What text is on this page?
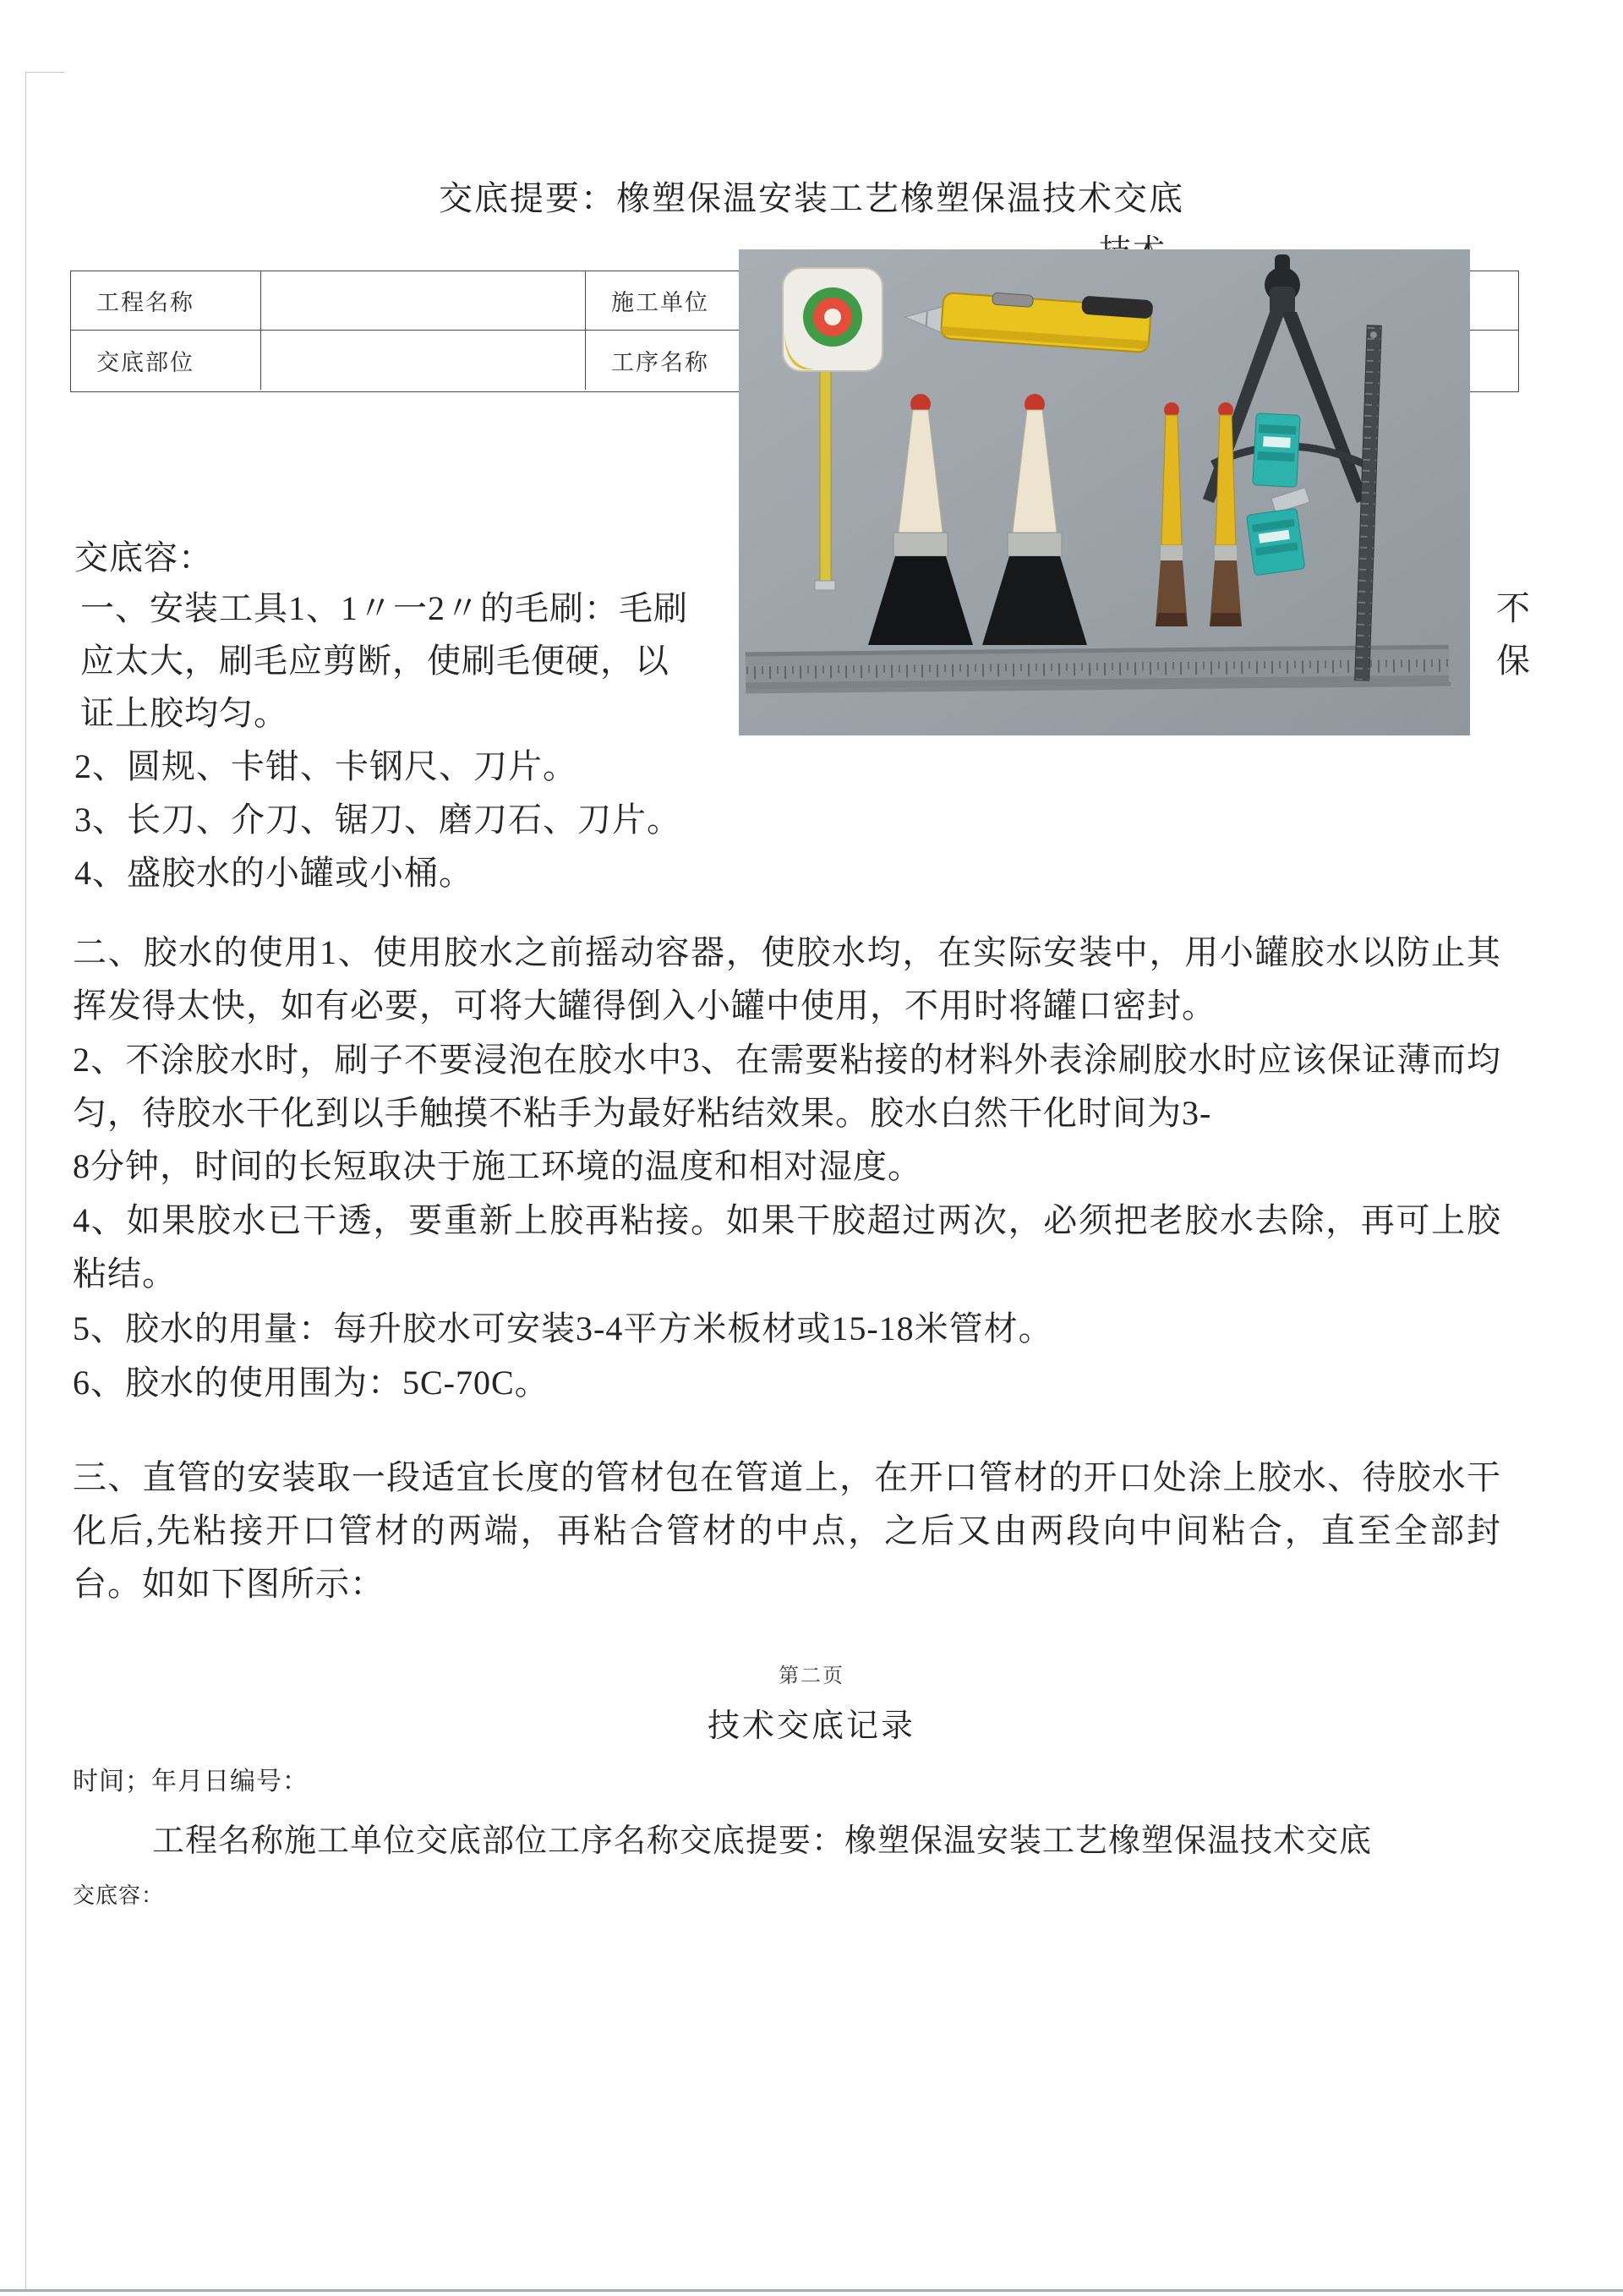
交底提要：橡塑保温安装工艺橡塑保温技术交底
工程名称	施工单位
交底部位	工序名称
交底容：
一、安装工具1、1〃一2〃的毛刷：毛刷	不
应太大，刷毛应剪断，使刷毛便硬，以	保
证上胶均匀。
2、圆规、卡钳、卡钢尺、刀片。
3、长刀、介刀、锯刀、磨刀石、刀片。
4、盛胶水的小罐或小桶。
二、胶水的使用1、使用胶水之前摇动容器，使胶水均，在实际安装中，用小罐胶水以防止其挥发得太快，如有必要，可将大罐得倒入小罐中使用，不用时将罐口密封。
2、不涂胶水时，刷子不要浸泡在胶水中3、在需要粘接的材料外表涂刷胶水时应该保证薄而均匀，待胶水干化到以手触摸不粘手为最好粘结效果。胶水白然干化时间为3-
8分钟，时间的长短取决于施工环境的温度和相对湿度。
4、如果胶水已干透，要重新上胶再粘接。如果干胶超过两次，必须把老胶水去除，再可上胶粘结。
5、胶水的用量：每升胶水可安装3-4平方米板材或15-18米管材。
6、胶水的使用围为：5C-70C。
三、直管的安装取一段适宜长度的管材包在管道上，在开口管材的开口处涂上胶水、待胶水干化后,先粘接开口管材的两端，再粘合管材的中点，之后又由两段向中间粘合，直至全部封台。如如下图所示：
第二页
技术交底记录
时间；年月日编号：
工程名称施工单位交底部位工序名称交底提要：橡塑保温安装工艺橡塑保温技术交底
交底容：
